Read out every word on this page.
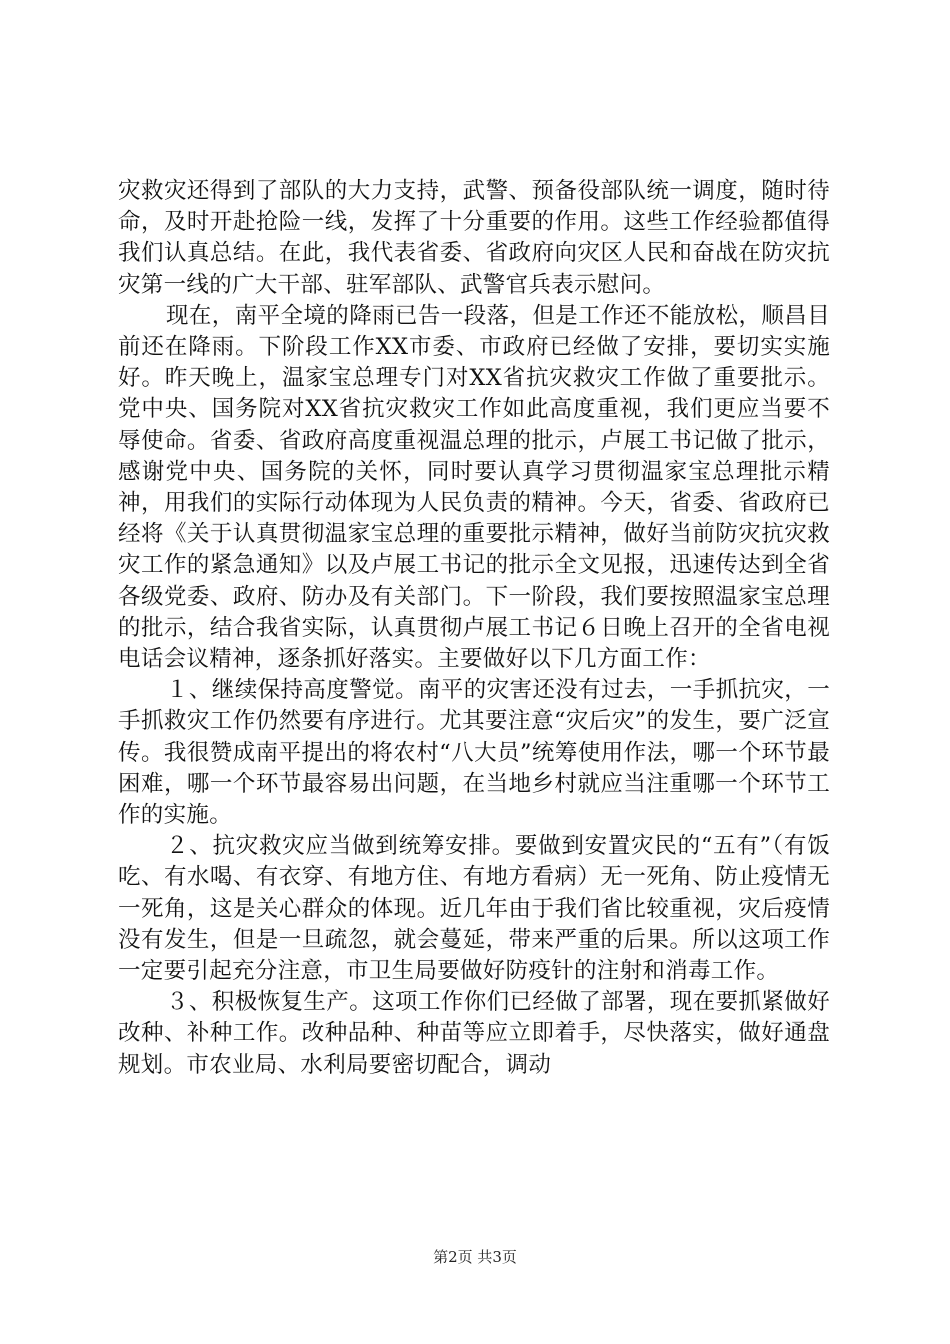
灾救灾还得到了部队的大力支持，武警、预备役部队统一调度，随时待命，及时开赴抢险一线，发挥了十分重要的作用。这些工作经验都值得我们认真总结。在此，我代表省委、省政府向灾区人民和奋战在防灾抗灾第一线的广大干部、驻军部队、武警官兵表示慰问。

现在，南平全境的降雨已告一段落，但是工作还不能放松，顺昌目前还在降雨。下阶段工作XX市委、市政府已经做了安排，要切实实施好。昨天晚上，温家宝总理专门对XX省抗灾救灾工作做了重要批示。党中央、国务院对XX省抗灾救灾工作如此高度重视，我们更应当要不辱使命。省委、省政府高度重视温总理的批示，卢展工书记做了批示，感谢党中央、国务院的关怀，同时要认真学习贯彻温家宝总理批示精神，用我们的实际行动体现为人民负责的精神。今天，省委、省政府已经将《关于认真贯彻温家宝总理的重要批示精神，做好当前防灾抗灾救灾工作的紧急通知》以及卢展工书记的批示全文见报，迅速传达到全省各级党委、政府、防办及有关部门。下一阶段，我们要按照温家宝总理的批示，结合我省实际，认真贯彻卢展工书记６日晚上召开的全省电视电话会议精神，逐条抓好落实。主要做好以下几方面工作：

１、继续保持高度警觉。南平的灾害还没有过去，一手抓抗灾，一手抓救灾工作仍然要有序进行。尤其要注意“灾后灾”的发生，要广泛宣传。我很赞成南平提出的将农村“八大员”统筹使用作法，哪一个环节最困难，哪一个环节最容易出问题，在当地乡村就应当注重哪一个环节工作的实施。

２、抗灾救灾应当做到统筹安排。要做到安置灾民的“五有”（有饭吃、有水喝、有衣穿、有地方住、有地方看病）无一死角、防止疫情无一死角，这是关心群众的体现。近几年由于我们省比较重视，灾后疫情没有发生，但是一旦疏忽，就会蔓延，带来严重的后果。所以这项工作一定要引起充分注意，市卫生局要做好防疫针的注射和消毒工作。

３、积极恢复生产。这项工作你们已经做了部署，现在要抓紧做好改种、补种工作。改种品种、种苗等应立即着手，尽快落实，做好通盘规划。市农业局、水利局要密切配合，调动

第2页 共3页
